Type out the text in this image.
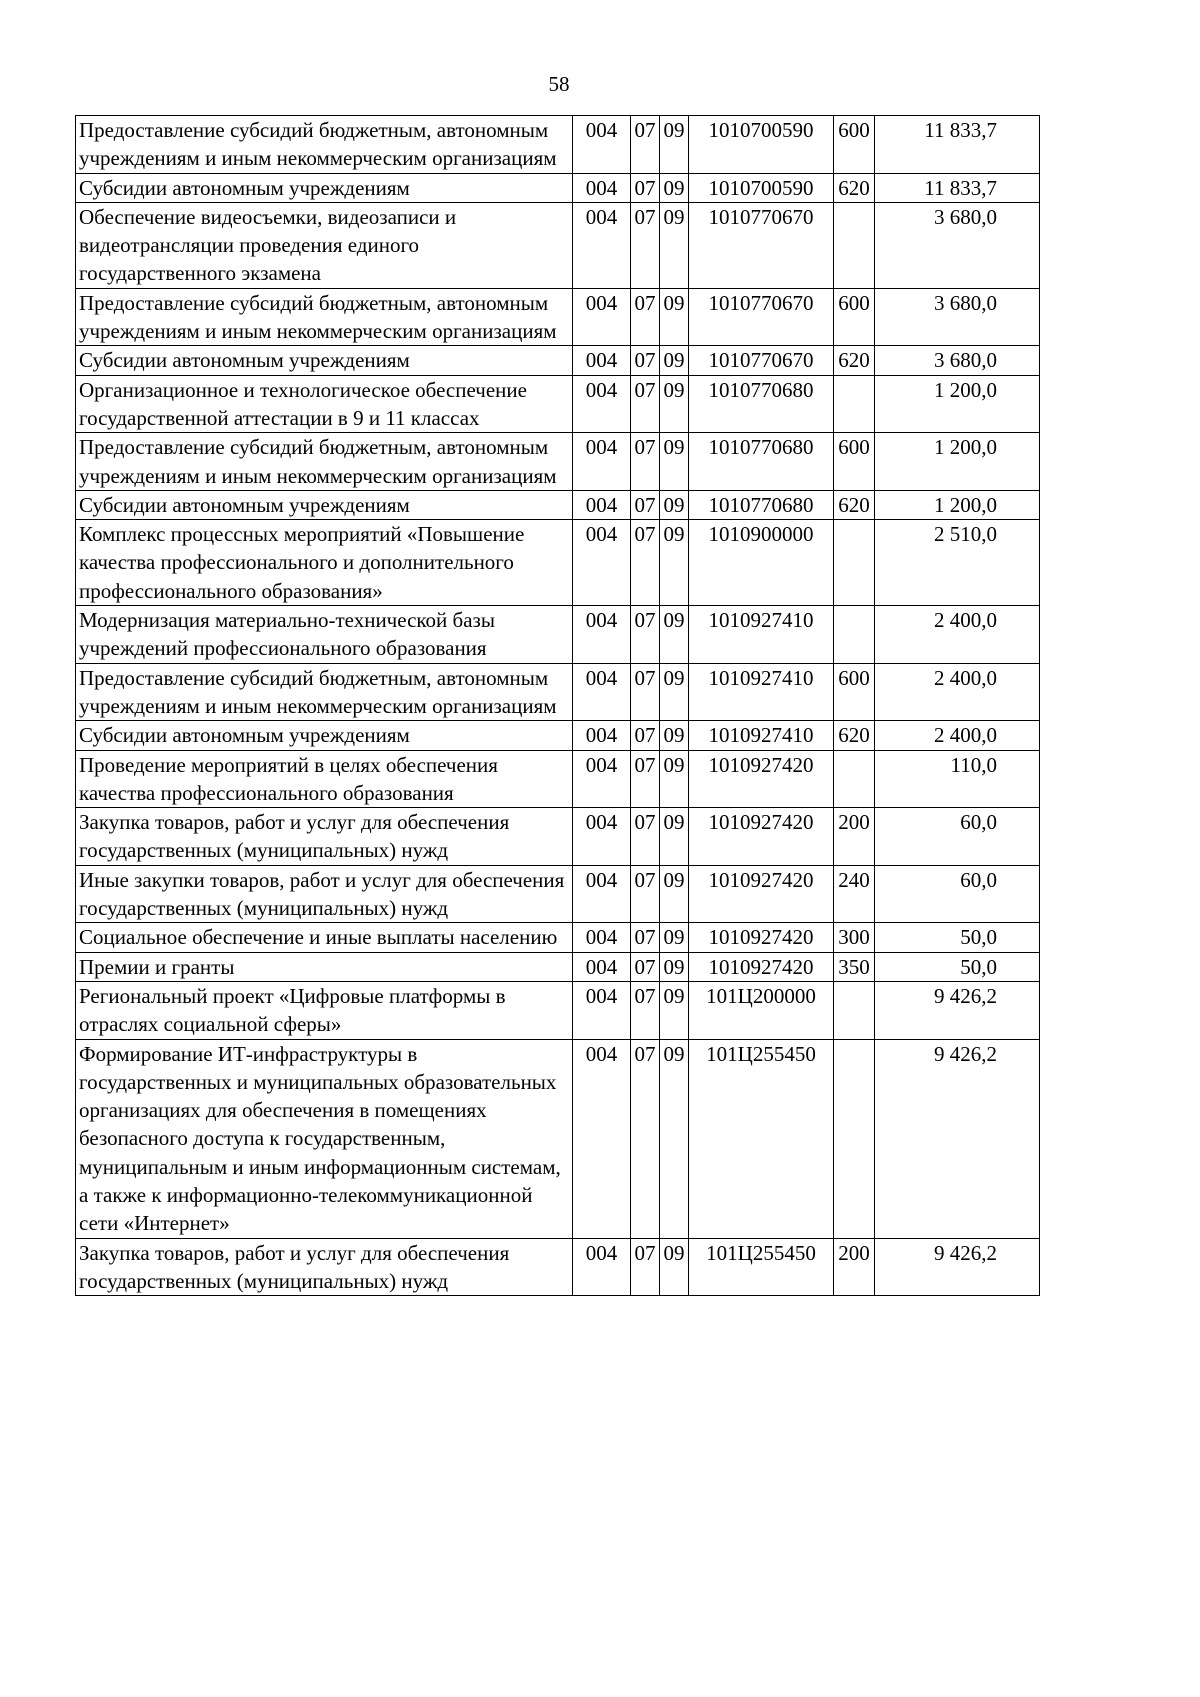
58
Предоставление субсидий бюджетным, автономным учреждениям и иным некоммерческим организациям	004	07	09	1010700590	600	11 833,7
Субсидии автономным учреждениям	004	07	09	1010700590	620	11 833,7
Обеспечение видеосъемки, видеозаписи и видеотрансляции проведения единого государственного экзамена	004	07	09	1010770670		3 680,0
Предоставление субсидий бюджетным, автономным учреждениям и иным некоммерческим организациям	004	07	09	1010770670	600	3 680,0
Субсидии автономным учреждениям	004	07	09	1010770670	620	3 680,0
Организационное и технологическое обеспечение государственной аттестации в 9 и 11 классах	004	07	09	1010770680		1 200,0
Предоставление субсидий бюджетным, автономным учреждениям и иным некоммерческим организациям	004	07	09	1010770680	600	1 200,0
Субсидии автономным учреждениям	004	07	09	1010770680	620	1 200,0
Комплекс процессных мероприятий «Повышение качества профессионального и дополнительного профессионального образования»	004	07	09	1010900000		2 510,0
Модернизация материально-технической базы учреждений профессионального образования	004	07	09	1010927410		2 400,0
Предоставление субсидий бюджетным, автономным учреждениям и иным некоммерческим организациям	004	07	09	1010927410	600	2 400,0
Субсидии автономным учреждениям	004	07	09	1010927410	620	2 400,0
Проведение мероприятий в целях обеспечения качества профессионального образования	004	07	09	1010927420		110,0
Закупка товаров, работ и услуг для обеспечения государственных (муниципальных) нужд	004	07	09	1010927420	200	60,0
Иные закупки товаров, работ и услуг для обеспечения государственных (муниципальных) нужд	004	07	09	1010927420	240	60,0
Социальное обеспечение и иные выплаты населению	004	07	09	1010927420	300	50,0
Премии и гранты	004	07	09	1010927420	350	50,0
Региональный проект «Цифровые платформы в отраслях социальной сферы»	004	07	09	101Ц200000		9 426,2
Формирование ИТ-инфраструктуры в государственных и муниципальных образовательных организациях для обеспечения в помещениях безопасного доступа к государственным, муниципальным и иным информационным системам, а также к информационно-телекоммуникационной сети «Интернет»	004	07	09	101Ц255450		9 426,2
Закупка товаров, работ и услуг для обеспечения государственных (муниципальных) нужд	004	07	09	101Ц255450	200	9 426,2
